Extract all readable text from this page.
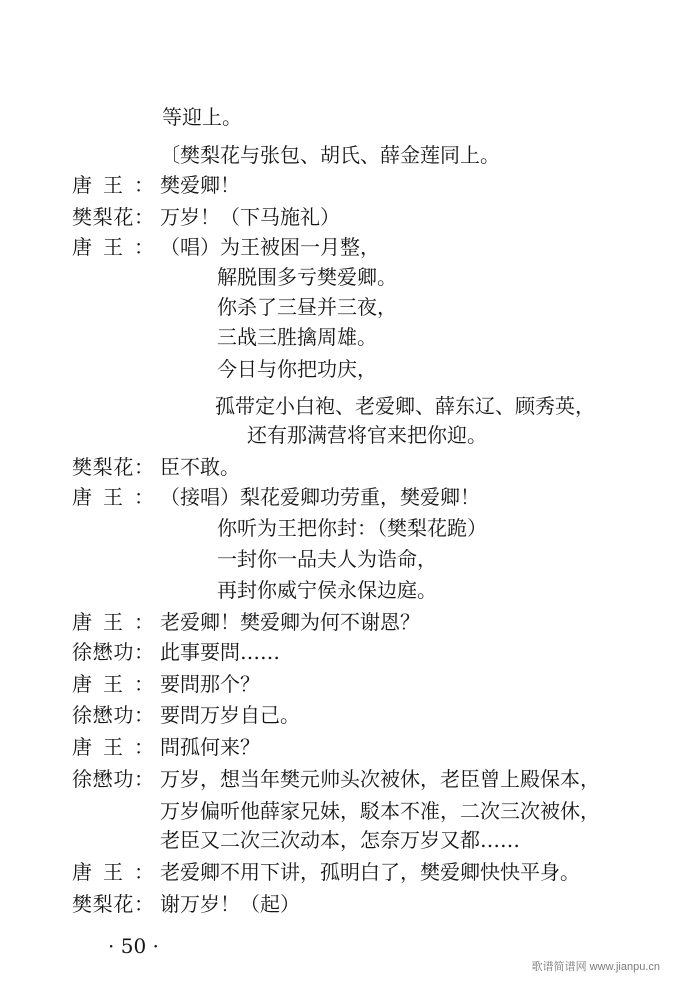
等迎上。
〔樊梨花与张包、胡氏、薛金莲同上。
唐王： 樊爱卿！
樊梨花： 万岁！（下马施礼）
唐王： （唱）为王被困一月整，
解脱围多亏樊爱卿。
你杀了三昼并三夜，
三战三胜擒周雄。
今日与你把功庆，
孤带定小白袍、老爱卿、薛东辽、顾秀英，
还有那满营将官来把你迎。
樊梨花： 臣不敢。
唐王： （接唱）梨花爱卿功劳重，樊爱卿！
你听为王把你封：（樊梨花跪）
一封你一品夫人为诰命，
再封你威宁侯永保边庭。
唐王： 老爱卿！樊爱卿为何不谢恩？
徐懋功： 此事要問……
唐王： 要問那个？
徐懋功： 要問万岁自己。
唐王： 問孤何来？
徐懋功： 万岁，想当年樊元帅头次被休，老臣曾上殿保本，
万岁偏听他薛家兄妹，駁本不准，二次三次被休，
老臣又二次三次动本，怎奈万岁又都……
唐王： 老爱卿不用下讲，孤明白了，樊爱卿快快平身。
樊梨花： 谢万岁！（起）
· 50 ·
歌谱简谱网 www.jianpu.cn
